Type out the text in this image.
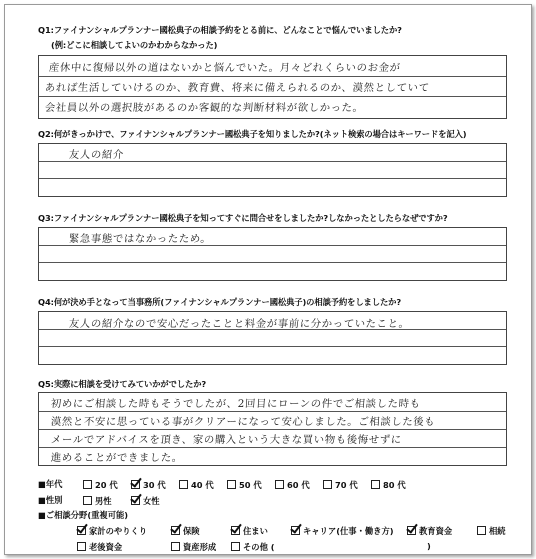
Q1:ファイナンシャルプランナー國松典子の相談予約をとる前に、どんなことで悩んでいましたか?
(例:どこに相談してよいのかわからなかった)
産休中に復帰以外の道はないかと悩んでいた。月々どれくらいのお金が
あれば生活していけるのか、教育費、将来に備えられるのか、漠然としていて
会社員以外の選択肢があるのか客観的な判断材料が欲しかった。
Q2:何がきっかけで、ファイナンシャルプランナー國松典子を知りましたか?(ネット検索の場合はキーワードを記入)
友人の紹介
Q3:ファイナンシャルプランナー國松典子を知ってすぐに問合せをしましたか?しなかったとしたらなぜですか?
緊急事態ではなかったため。
Q4:何が決め手となって当事務所(ファイナンシャルプランナー國松典子)の相談予約をしましたか?
友人の紹介なので安心だったことと料金が事前に分かっていたこと。
Q5:実際に相談を受けてみていかがでしたか?
初めにご相談した時もそうでしたが、2回目にローンの件でご相談した時も
漠然と不安に思っている事がクリアーになって安心しました。ご相談した後も
メールでアドバイスを頂き、家の購入という大きな買い物も後悔せずに
進めることができました。
■年代	20 代	30 代	40 代	50 代	60 代	70 代	80 代
■性別	男性	女性
■ご相談分野(重複可能)
家計のやりくり	保険	住まい	キャリア(仕事・働き方)	教育資金	相続
老後資金	資産形成	その他 (	)
